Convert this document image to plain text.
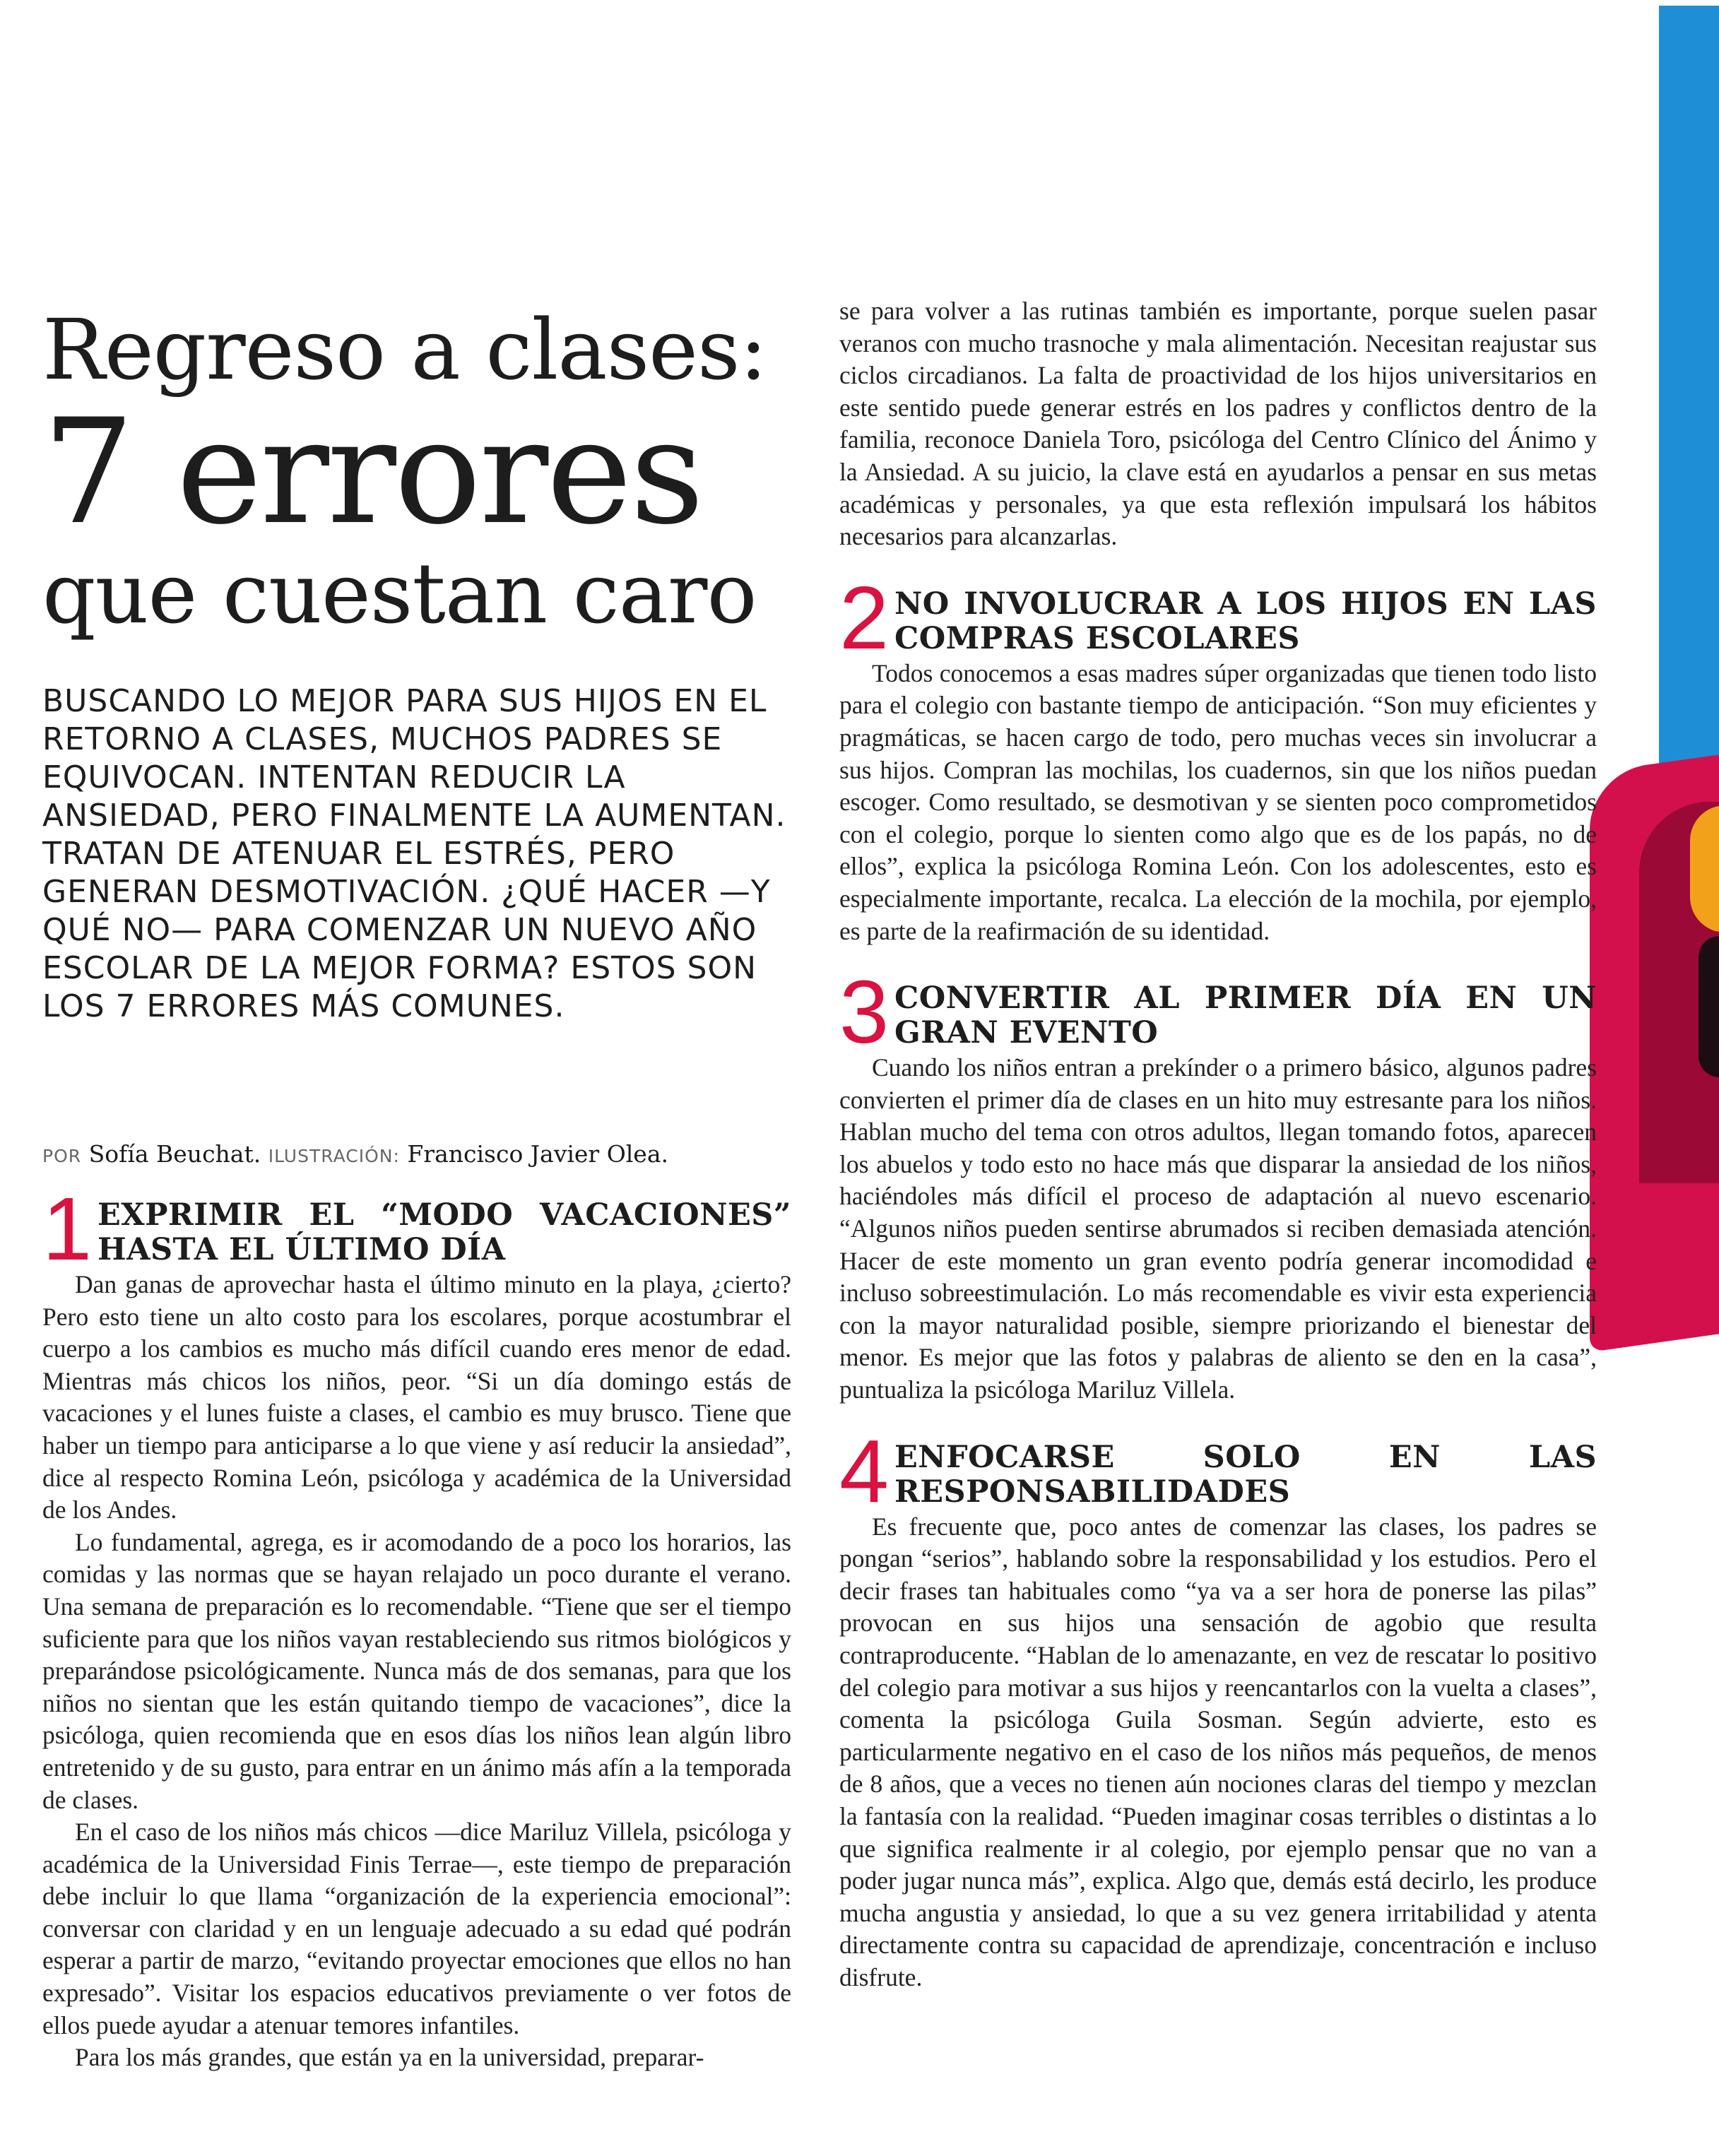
Regreso a clases:
7 errores
que cuestan caro

BUSCANDO LO MEJOR PARA SUS HIJOS EN EL RETORNO A CLASES, MUCHOS PADRES SE EQUIVOCAN. INTENTAN REDUCIR LA ANSIEDAD, PERO FINALMENTE LA AUMENTAN. TRATAN DE ATENUAR EL ESTRÉS, PERO GENERAN DESMOTIVACIÓN. ¿QUÉ HACER —Y QUÉ NO— PARA COMENZAR UN NUEVO AÑO ESCOLAR DE LA MEJOR FORMA? ESTOS SON LOS 7 ERRORES MÁS COMUNES.

POR Sofía Beuchat. ILUSTRACIÓN: Francisco Javier Olea.
1 EXPRIMIR EL “MODO VACACIONES” HASTA EL ÚLTIMO DÍA

Dan ganas de aprovechar hasta el último minuto en la playa, ¿cierto? Pero esto tiene un alto costo para los escolares, porque acostumbrar el cuerpo a los cambios es mucho más difícil cuando eres menor de edad. Mientras más chicos los niños, peor. “Si un día domingo estás de vacaciones y el lunes fuiste a clases, el cambio es muy brusco. Tiene que haber un tiempo para anticiparse a lo que viene y así reducir la ansiedad”, dice al respecto Romina León, psicóloga y académica de la Universidad de los Andes.

Lo fundamental, agrega, es ir acomodando de a poco los horarios, las comidas y las normas que se hayan relajado un poco durante el verano. Una semana de preparación es lo recomendable. “Tiene que ser el tiempo suficiente para que los niños vayan restableciendo sus ritmos biológicos y preparándose psicológicamente. Nunca más de dos semanas, para que los niños no sientan que les están quitando tiempo de vacaciones”, dice la psicóloga, quien recomienda que en esos días los niños lean algún libro entretenido y de su gusto, para entrar en un ánimo más afín a la temporada de clases.

En el caso de los niños más chicos —dice Mariluz Villela, psicóloga y académica de la Universidad Finis Terrae—, este tiempo de preparación debe incluir lo que llama “organización de la experiencia emocional”: conversar con claridad y en un lenguaje adecuado a su edad qué podrán esperar a partir de marzo, “evitando proyectar emociones que ellos no han expresado”. Visitar los espacios educativos previamente o ver fotos de ellos puede ayudar a atenuar temores infantiles.

Para los más grandes, que están ya en la universidad, preparar-

se para volver a las rutinas también es importante, porque suelen pasar veranos con mucho trasnoche y mala alimentación. Necesitan reajustar sus ciclos circadianos. La falta de proactividad de los hijos universitarios en este sentido puede generar estrés en los padres y conflictos dentro de la familia, reconoce Daniela Toro, psicóloga del Centro Clínico del Ánimo y la Ansiedad. A su juicio, la clave está en ayudarlos a pensar en sus metas académicas y personales, ya que esta reflexión impulsará los hábitos necesarios para alcanzarlas.

2 NO INVOLUCRAR A LOS HIJOS EN LAS COMPRAS ESCOLARES

Todos conocemos a esas madres súper organizadas que tienen todo listo para el colegio con bastante tiempo de anticipación. “Son muy eficientes y pragmáticas, se hacen cargo de todo, pero muchas veces sin involucrar a sus hijos. Compran las mochilas, los cuadernos, sin que los niños puedan escoger. Como resultado, se desmotivan y se sienten poco comprometidos con el colegio, porque lo sienten como algo que es de los papás, no de ellos”, explica la psicóloga Romina León. Con los adolescentes, esto es especialmente importante, recalca. La elección de la mochila, por ejemplo, es parte de la reafirmación de su identidad.

3 CONVERTIR AL PRIMER DÍA EN UN GRAN EVENTO

Cuando los niños entran a prekínder o a primero básico, algunos padres convierten el primer día de clases en un hito muy estresante para los niños. Hablan mucho del tema con otros adultos, llegan tomando fotos, aparecen los abuelos y todo esto no hace más que disparar la ansiedad de los niños, haciéndoles más difícil el proceso de adaptación al nuevo escenario. “Algunos niños pueden sentirse abrumados si reciben demasiada atención. Hacer de este momento un gran evento podría generar incomodidad e incluso sobreestimulación. Lo más recomendable es vivir esta experiencia con la mayor naturalidad posible, siempre priorizando el bienestar del menor. Es mejor que las fotos y palabras de aliento se den en la casa”, puntualiza la psicóloga Mariluz Villela.

4 ENFOCARSE SOLO EN LAS RESPONSABILIDADES

Es frecuente que, poco antes de comenzar las clases, los padres se pongan “serios”, hablando sobre la responsabilidad y los estudios. Pero el decir frases tan habituales como “ya va a ser hora de ponerse las pilas” provocan en sus hijos una sensación de agobio que resulta contraproducente. “Hablan de lo amenazante, en vez de rescatar lo positivo del colegio para motivar a sus hijos y reencantarlos con la vuelta a clases”, comenta la psicóloga Guila Sosman. Según advierte, esto es particularmente negativo en el caso de los niños más pequeños, de menos de 8 años, que a veces no tienen aún nociones claras del tiempo y mezclan la fantasía con la realidad. “Pueden imaginar cosas terribles o distintas a lo que significa realmente ir al colegio, por ejemplo pensar que no van a poder jugar nunca más”, explica. Algo que, demás está decirlo, les produce mucha angustia y ansiedad, lo que a su vez genera irritabilidad y atenta directamente contra su capacidad de aprendizaje, concentración e incluso disfrute.
